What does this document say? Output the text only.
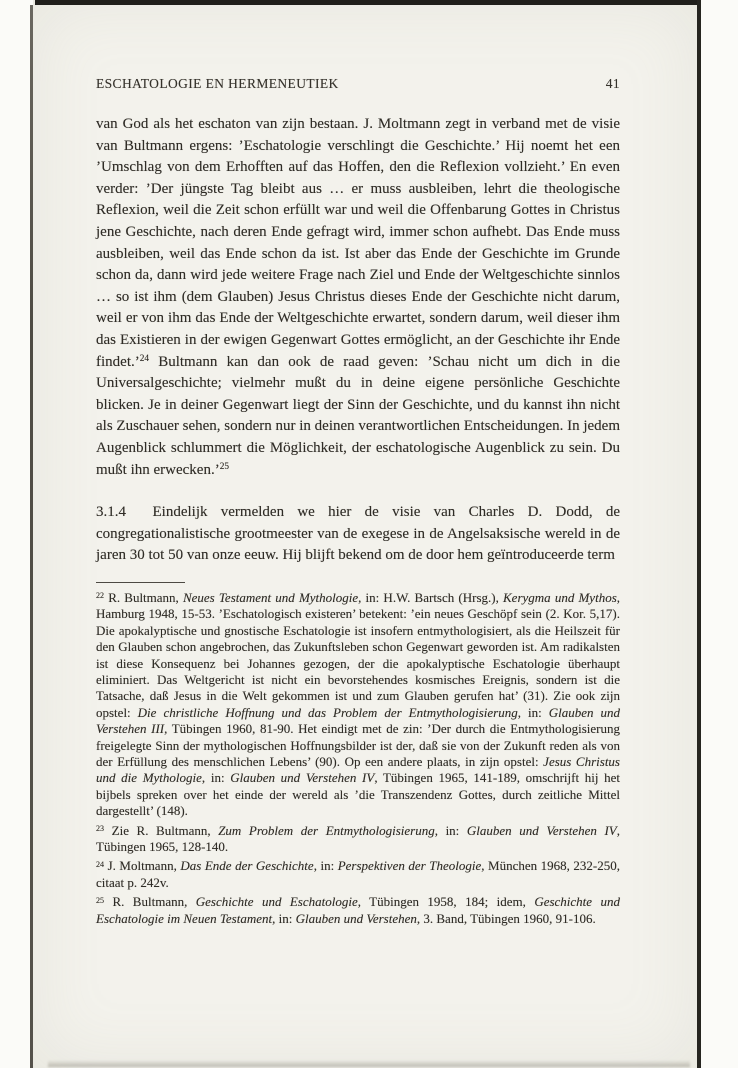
ESCHATOLOGIE EN HERMENEUTIEK	41

van God als het eschaton van zijn bestaan. J. Moltmann zegt in verband met de visie van Bultmann ergens: ’Eschatologie verschlingt die Geschichte.’ Hij noemt het een ’Umschlag von dem Erhofften auf das Hoffen, den die Reflexion vollzieht.’ En even verder: ’Der jüngste Tag bleibt aus … er muss ausbleiben, lehrt die theologische Reflexion, weil die Zeit schon erfüllt war und weil die Offenbarung Gottes in Christus jene Geschichte, nach deren Ende gefragt wird, immer schon aufhebt. Das Ende muss ausbleiben, weil das Ende schon da ist. Ist aber das Ende der Geschichte im Grunde schon da, dann wird jede weitere Frage nach Ziel und Ende der Weltgeschichte sinnlos … so ist ihm (dem Glauben) Jesus Christus dieses Ende der Geschichte nicht darum, weil er von ihm das Ende der Weltgeschichte erwartet, sondern darum, weil dieser ihm das Existieren in der ewigen Gegenwart Gottes ermöglicht, an der Geschichte ihr Ende findet.’$^{24}$ Bultmann kan dan ook de raad geven: ’Schau nicht um dich in die Universalgeschichte; vielmehr mußt du in deine eigene persönliche Geschichte blicken. Je in deiner Gegenwart liegt der Sinn der Geschichte, und du kannst ihn nicht als Zuschauer sehen, sondern nur in deinen verantwortlichen Entscheidungen. In jedem Augenblick schlummert die Möglichkeit, der eschatologische Augenblick zu sein. Du mußt ihn erwecken.’$^{25}$

3.1.4  Eindelijk vermelden we hier de visie van Charles D. Dodd, de congregationalistische grootmeester van de exegese in de Angelsaksische wereld in de jaren 30 tot 50 van onze eeuw. Hij blijft bekend om de door hem geïntroduceerde term

$^{22}$ R. Bultmann, Neues Testament und Mythologie, in: H.W. Bartsch (Hrsg.), Kerygma und Mythos, Hamburg 1948, 15-53. ’Eschatologisch existeren’ betekent: ’ein neues Geschöpf sein (2. Kor. 5,17). Die apokalyptische und gnostische Eschatologie ist insofern entmythologisiert, als die Heilszeit für den Glauben schon angebrochen, das Zukunftsleben schon Gegenwart geworden ist. Am radikalsten ist diese Konsequenz bei Johannes gezogen, der die apokalyptische Eschatologie überhaupt eliminiert. Das Weltgericht ist nicht ein bevorstehendes kosmisches Ereignis, sondern ist die Tatsache, daß Jesus in die Welt gekommen ist und zum Glauben gerufen hat’ (31). Zie ook zijn opstel: Die christliche Hoffnung und das Problem der Entmythologisierung, in: Glauben und Verstehen III, Tübingen 1960, 81-90. Het eindigt met de zin: ’Der durch die Entmythologisierung freigelegte Sinn der mythologischen Hoffnungsbilder ist der, daß sie von der Zukunft reden als von der Erfüllung des menschlichen Lebens’ (90). Op een andere plaats, in zijn opstel: Jesus Christus und die Mythologie, in: Glauben und Verstehen IV, Tübingen 1965, 141-189, omschrijft hij het bijbels spreken over het einde der wereld als ’die Transzendenz Gottes, durch zeitliche Mittel dargestellt’ (148).

$^{23}$ Zie R. Bultmann, Zum Problem der Entmythologisierung, in: Glauben und Verstehen IV, Tübingen 1965, 128-140.

$^{24}$ J. Moltmann, Das Ende der Geschichte, in: Perspektiven der Theologie, München 1968, 232-250, citaat p. 242v.

$^{25}$ R. Bultmann, Geschichte und Eschatologie, Tübingen 1958, 184; idem, Geschichte und Eschatologie im Neuen Testament, in: Glauben und Verstehen, 3. Band, Tübingen 1960, 91-106.
